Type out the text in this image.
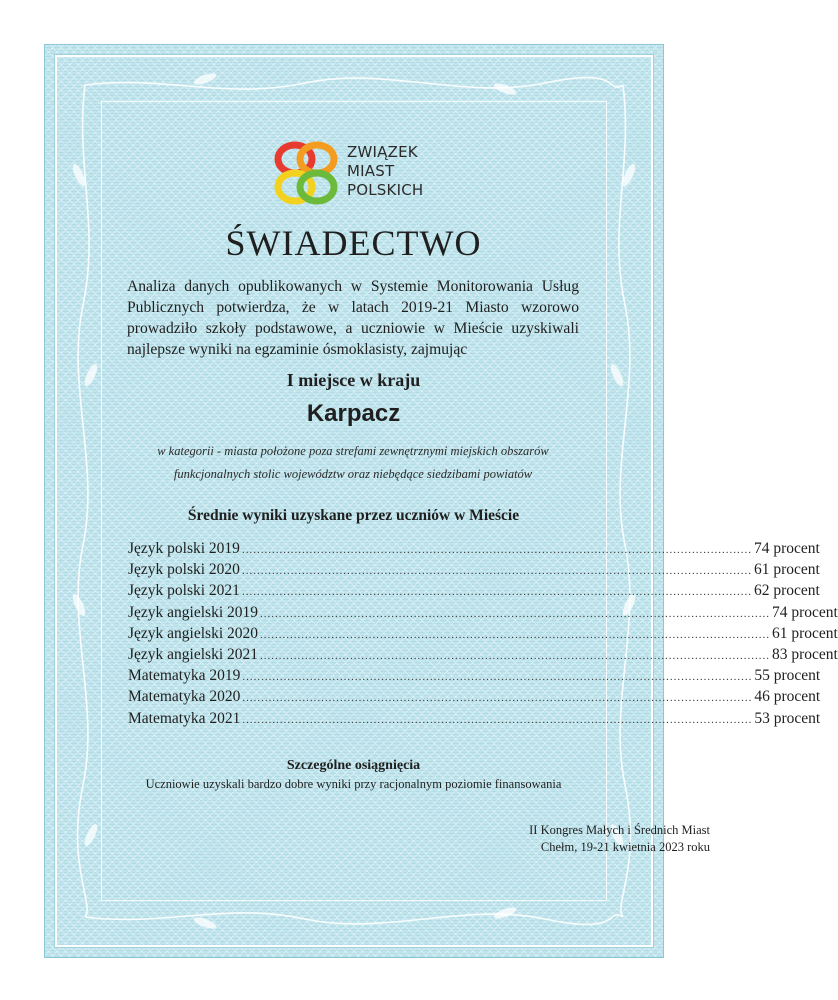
ZWIĄZEK
MIAST
POLSKICH
ŚWIADECTWO
Analiza danych opublikowanych w Systemie Monitorowania Usług Publicznych potwierdza, że w latach 2019-21 Miasto wzorowo prowadziło szkoły podstawowe, a uczniowie w Mieście uzyskiwali najlepsze wyniki na egzaminie ósmoklasisty, zajmując
I miejsce w kraju
Karpacz
w kategorii - miasta położone poza strefami zewnętrznymi miejskich obszarów
funkcjonalnych stolic województw oraz niebędące siedzibami powiatów
Średnie wyniki uzyskane przez uczniów w Mieście
Język polski 2019 ........................................................................................................................................ 74 procent
Język polski 2020 ........................................................................................................................................ 61 procent
Język polski 2021 ........................................................................................................................................ 62 procent
Język angielski 2019 ........................................................................................................................................ 74 procent
Język angielski 2020 ........................................................................................................................................ 61 procent
Język angielski 2021 ........................................................................................................................................ 83 procent
Matematyka 2019 ........................................................................................................................................ 55 procent
Matematyka 2020 ........................................................................................................................................ 46 procent
Matematyka 2021 ........................................................................................................................................ 53 procent
Szczególne osiągnięcia
Uczniowie uzyskali bardzo dobre wyniki przy racjonalnym poziomie finansowania
II Kongres Małych i Średnich Miast
Chełm, 19-21 kwietnia 2023 roku
